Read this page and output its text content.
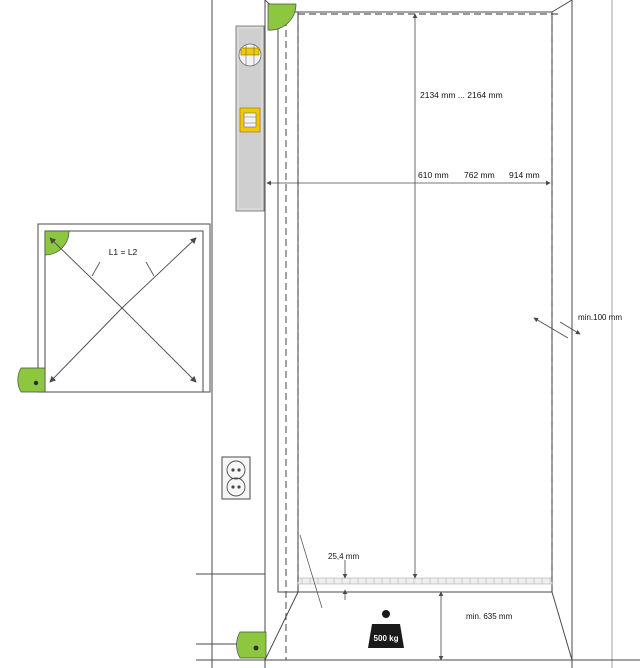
L1 = L2
2134 mm ... 2164 mm
610 mm 762 mm 914 mm
min.100 mm
25,4 mm
min. 635 mm
500 kg
